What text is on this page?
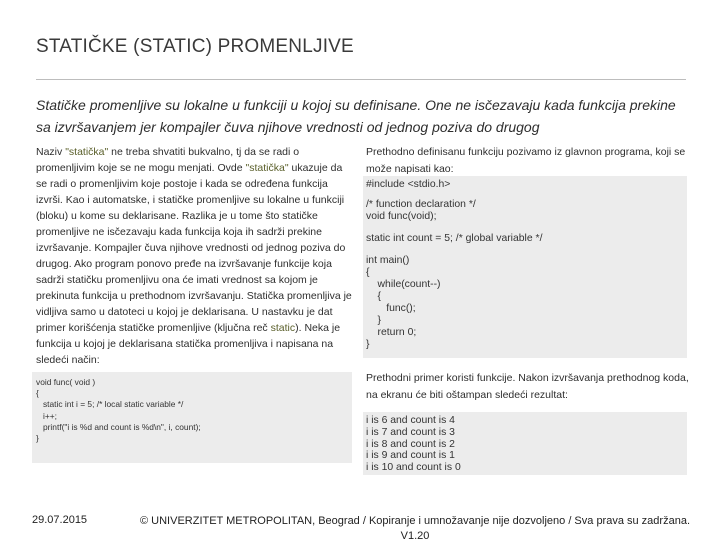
STATIČKE (STATIC) PROMENLJIVE
Statičke promenljive su lokalne u funkciji u kojoj su definisane. One ne isčezavaju kada funkcija prekine sa izvršavanjem jer kompajler čuva njihove vrednosti od jednog poziva do drugog
Naziv "statička" ne treba shvatiti bukvalno, tj da se radi o promenljivim koje se ne mogu menjati. Ovde "statička" ukazuje da se radi o promenljivim koje postoje i kada se određena funkcija izvrši. Kao i automatske, i statičke promenljive su lokalne u funkciji (bloku) u kome su deklarisane. Razlika je u tome što statičke promenljive ne isčezavaju kada funkcija koja ih sadrži prekine izvršavanje. Kompajler čuva njihove vrednosti od jednog poziva do drugog. Ako program ponovo pređe na izvršavanje funkcije koja sadrži statičku promenljivu ona će imati vrednost sa kojom je prekinuta funkcija u prethodnom izvršavanju. Statička promenljiva je vidljiva samo u datoteci u kojoj je deklarisana. U nastavku je dat primer korišćenja statičke promenljive (ključna reč static). Neka je funkcija u kojoj je deklarisana statička promenljiva i napisana na sledeći način:
void func( void )
{
static int i = 5; /* local static variable */
i++;
printf("i is %d and count is %d\n", i, count);
}
Prethodno definisanu funkciju pozivamo iz glavnon programa, koji se može napisati kao:
#include <stdio.h>
/* function declaration */
void func(void);
static int count = 5; /* global variable */
int main()
{
while(count--)
{
func();
}
return 0;
}
Prethodni primer koristi funkcije. Nakon izvršavanja prethodnog koda, na ekranu će biti oštampan sledeći rezultat:
i is 6 and count is 4
i is 7 and count is 3
i is 8 and count is 2
i is 9 and count is 1
i is 10 and count is 0
29.07.2015	© UNIVERZITET METROPOLITAN, Beograd / Kopiranje i umnožavanje nije dozvoljeno / Sva prava su zadržana.
V1.20
